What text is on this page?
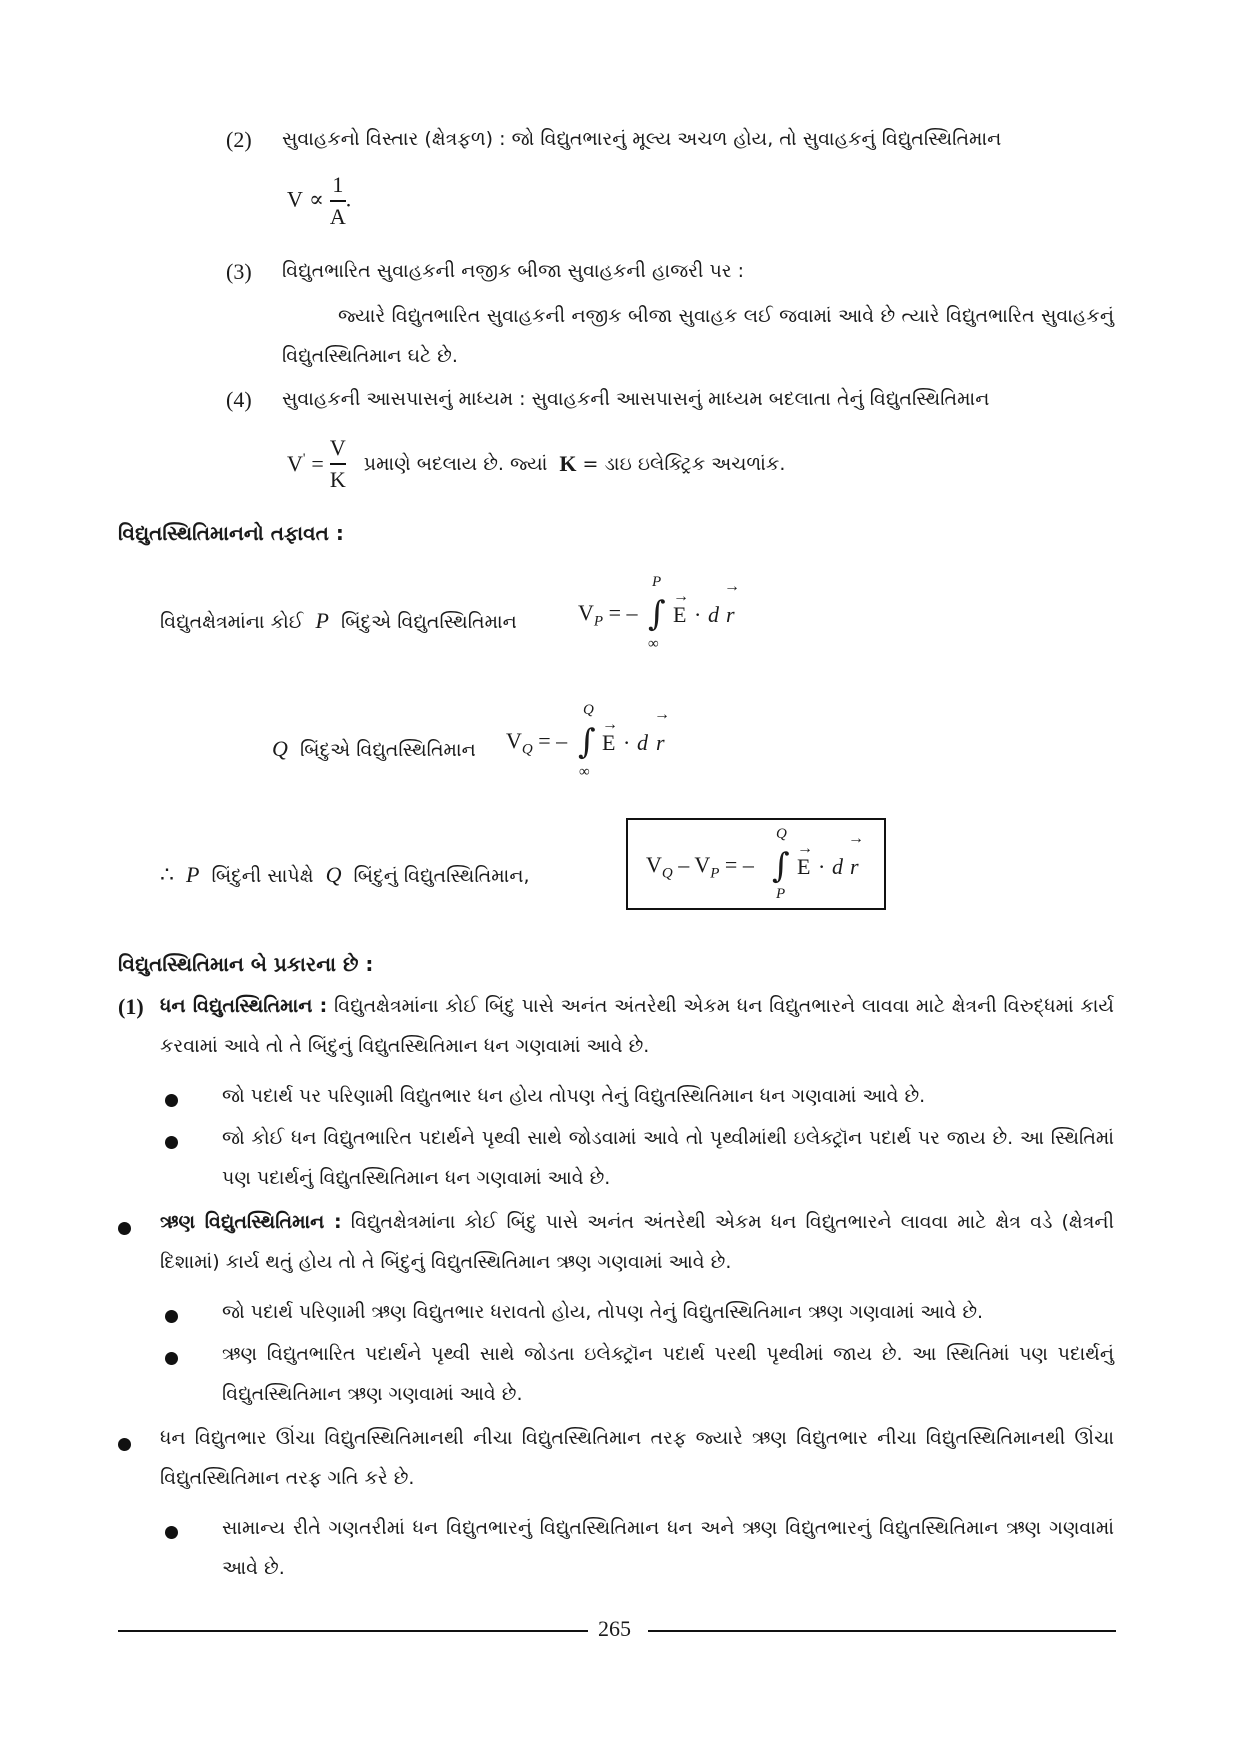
(2) સુવાહકનો વિસ્તાર (ક્ષેત્રફળ) : જો વિદ્યુતભારનું મૂલ્ય અચળ હોય, તો સુવાહકનું વિદ્યુતસ્થિતિમાન
$V \propto \frac{1}{A}$ .
(3) વિદ્યુતભારિત સુવાહકની નજીક બીજા સુવાહકની હાજરી પર :
જ્યારે વિદ્યુતભારિત સુવાહકની નજીક બીજા સુવાહક લઈ જવામાં આવે છે ત્યારે વિદ્યુતભારિત સુવાહકનું વિદ્યુતસ્થિતિમાન ઘટે છે.
(4) સુવાહકની આસપાસનું માધ્યમ : સુવાહકની આસપાસનું માધ્યમ બદલાતા તેનું વિદ્યુતસ્થિતિમાન
$V' = \frac{V}{K}$ પ્રમાણે બદલાય છે. જ્યાં K = ડાઇ ઇલેક્ટ્રિક અચળાંક.
વિદ્યુતસ્થિતિમાનનો તફાવત :
વિદ્યુતક્ષેત્રમાંના કોઈ P બિંદુએ વિદ્યુતસ્થિતિમાન	$V_P$ = – ∫
P
∞
→
E · d
→
r
Q બિંદુએ વિદ્યુતસ્થિતિમાન $V_Q$ = – ∫
Q
∞
→
E · d
→
r
∴ P બિંદુની સાપેક્ષે Q બિંદુનું વિદ્યુતસ્થિતિમાન,	$V_Q - V_P$ = – ∫
Q
P
→
E · d
→
r
વિદ્યુતસ્થિતિમાન બે પ્રકારના છે :
(1) ધન વિદ્યુતસ્થિતિમાન : વિદ્યુતક્ષેત્રમાંના કોઈ બિંદુ પાસે અનંત અંતરેથી એકમ ધન વિદ્યુતભારને લાવવા માટે ક્ષેત્રની વિરુદ્ધમાં કાર્ય કરવામાં આવે તો તે બિંદુનું વિદ્યુતસ્થિતિમાન ધન ગણવામાં આવે છે.
જો પદાર્થ પર પરિણામી વિદ્યુતભાર ધન હોય તોપણ તેનું વિદ્યુતસ્થિતિમાન ધન ગણવામાં આવે છે.
જો કોઈ ધન વિદ્યુતભારિત પદાર્થને પૃથ્વી સાથે જોડવામાં આવે તો પૃથ્વીમાંથી ઇલેક્ટ્રૉન પદાર્થ પર જાય છે. આ સ્થિતિમાં પણ પદાર્થનું વિદ્યુતસ્થિતિમાન ધન ગણવામાં આવે છે.
ઋણ વિદ્યુતસ્થિતિમાન : વિદ્યુતક્ષેત્રમાંના કોઈ બિંદુ પાસે અનંત અંતરેથી એકમ ધન વિદ્યુતભારને લાવવા માટે ક્ષેત્ર વડે (ક્ષેત્રની દિશામાં) કાર્ય થતું હોય તો તે બિંદુનું વિદ્યુતસ્થિતિમાન ઋણ ગણવામાં આવે છે.
જો પદાર્થ પરિણામી ઋણ વિદ્યુતભાર ધરાવતો હોય, તોપણ તેનું વિદ્યુતસ્થિતિમાન ઋણ ગણવામાં આવે છે.
ઋણ વિદ્યુતભારિત પદાર્થને પૃથ્વી સાથે જોડતા ઇલેક્ટ્રૉન પદાર્થ પરથી પૃથ્વીમાં જાય છે. આ સ્થિતિમાં પણ પદાર્થનું વિદ્યુતસ્થિતિમાન ઋણ ગણવામાં આવે છે.
ધન વિદ્યુતભાર ઊંચા વિદ્યુતસ્થિતિમાનથી નીચા વિદ્યુતસ્થિતિમાન તરફ જ્યારે ઋણ વિદ્યુતભાર નીચા વિદ્યુતસ્થિતિમાનથી ઊંચા વિદ્યુતસ્થિતિમાન તરફ ગતિ કરે છે.
સામાન્ય રીતે ગણતરીમાં ધન વિદ્યુતભારનું વિદ્યુતસ્થિતિમાન ધન અને ઋણ વિદ્યુતભારનું વિદ્યુતસ્થિતિમાન ઋણ ગણવામાં આવે છે.
265
